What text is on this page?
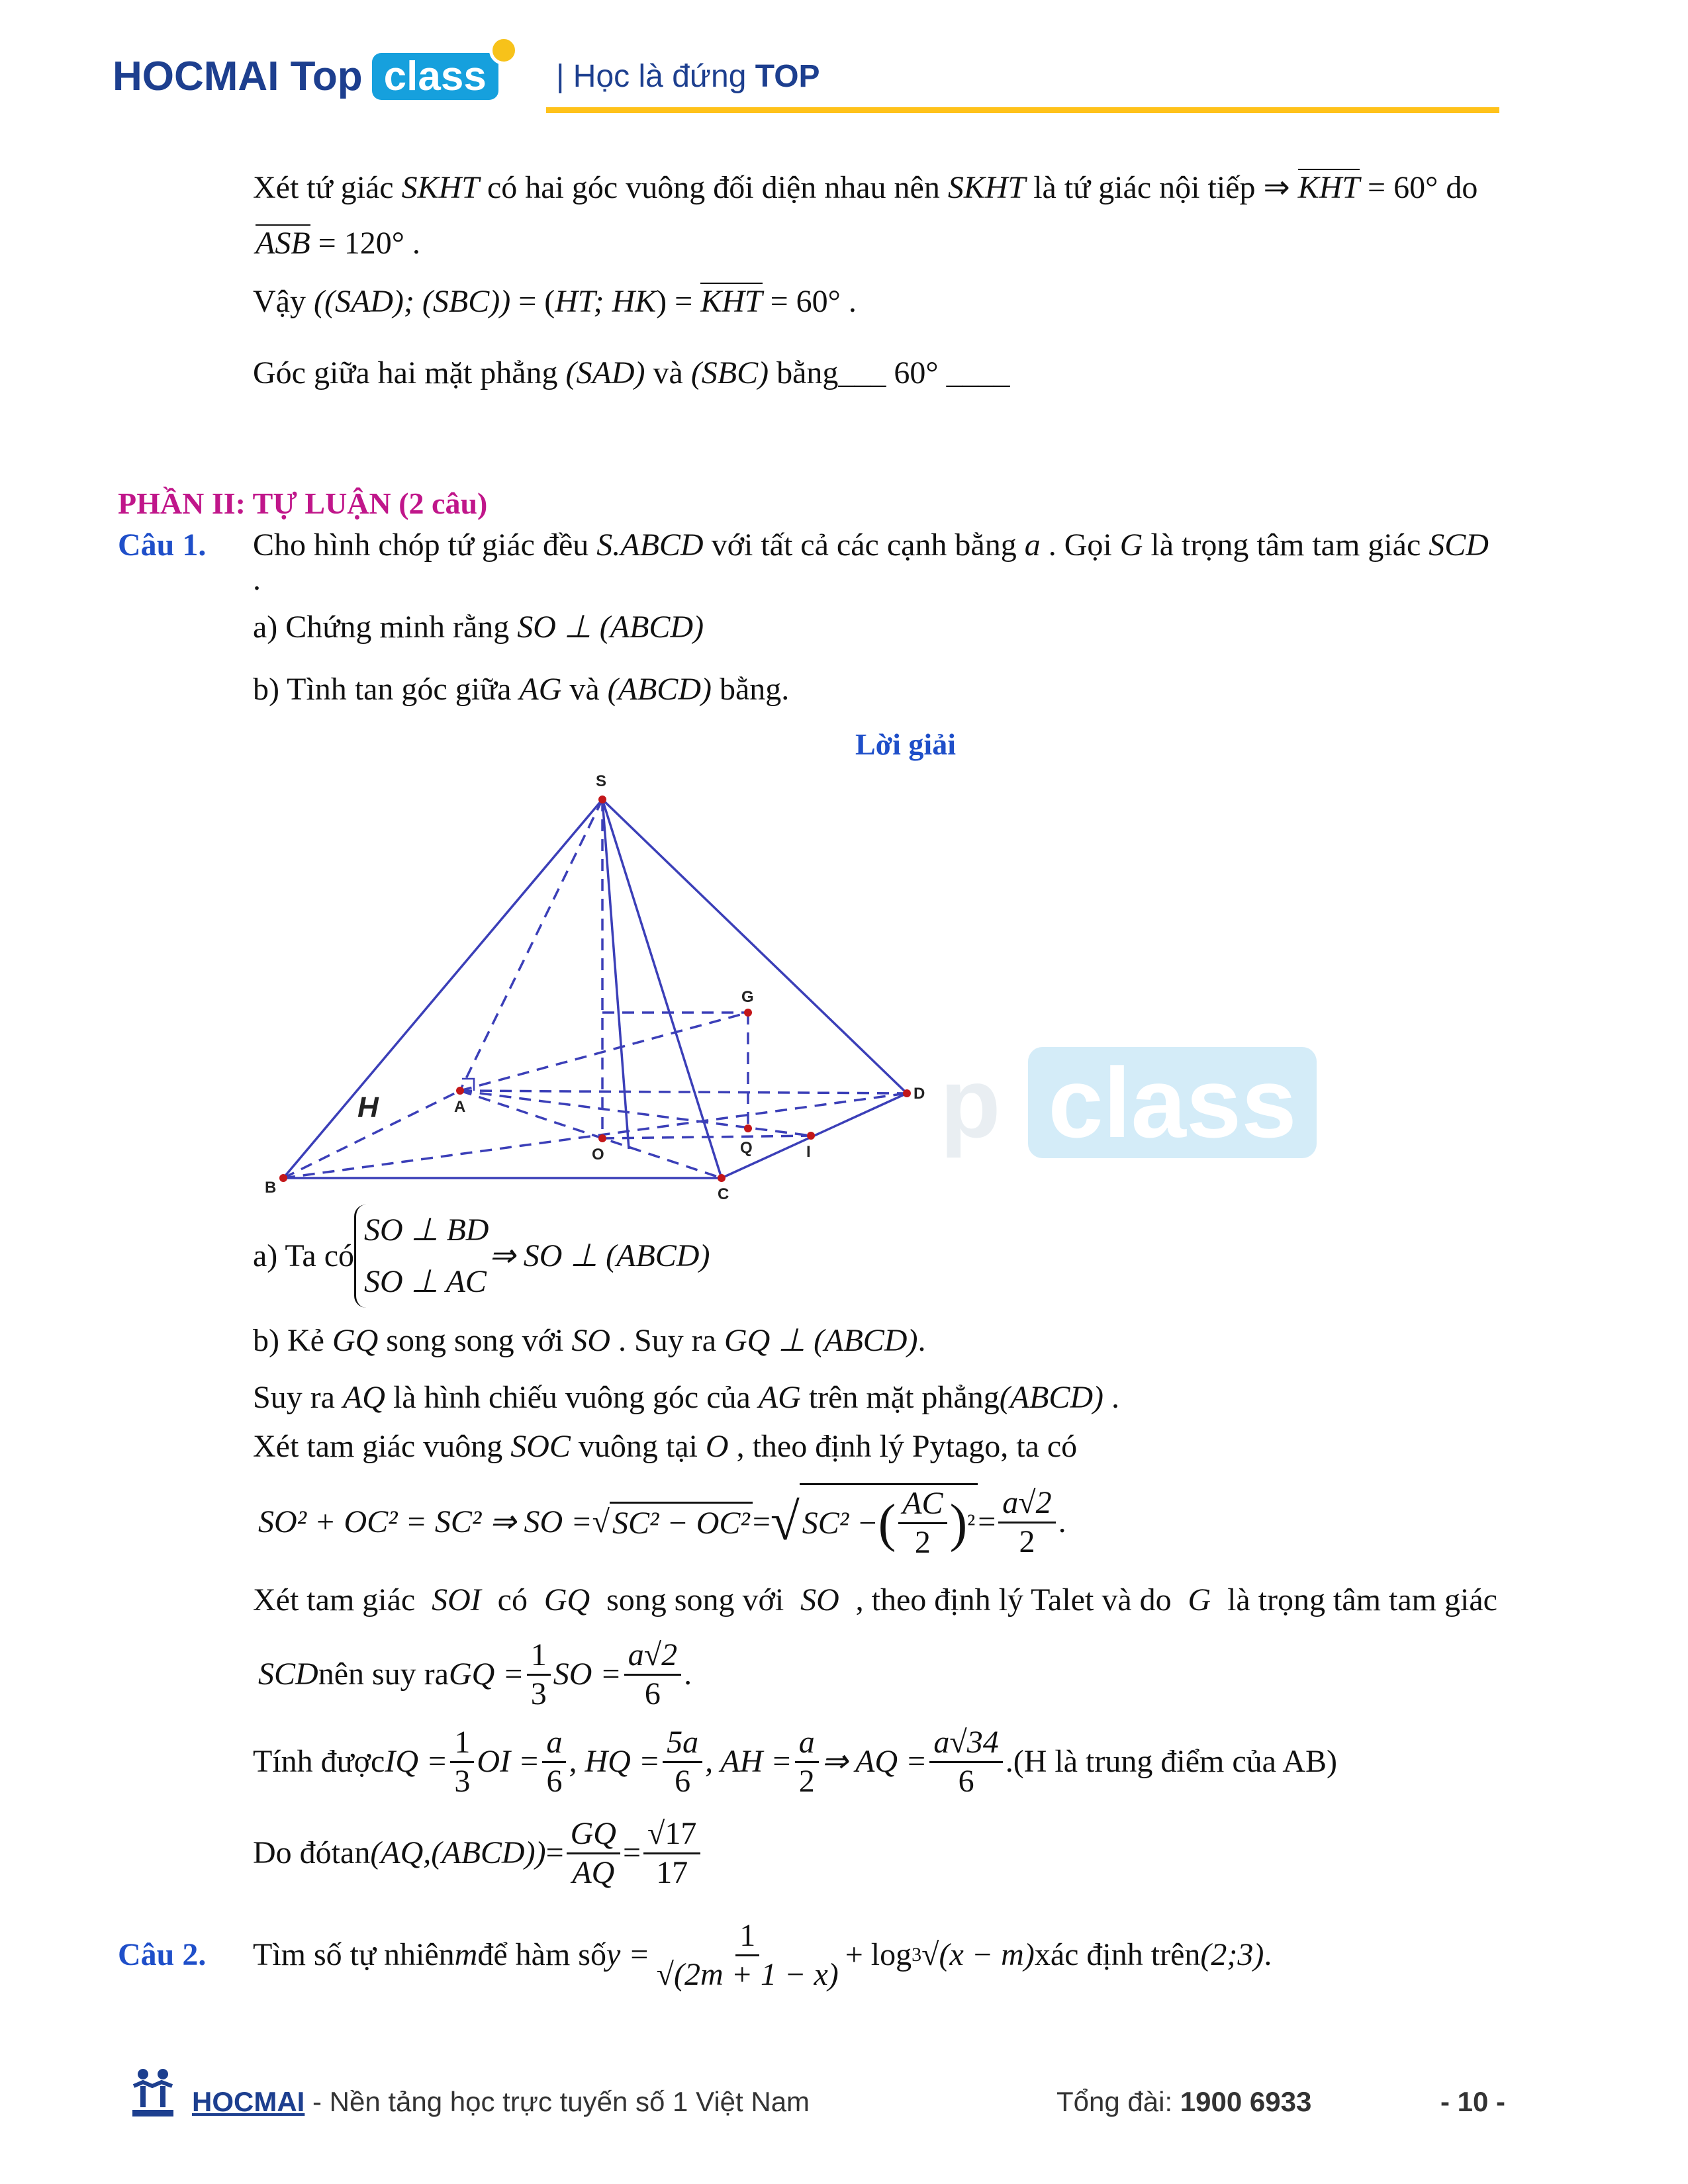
HOCMAI Top class	| Học là đứng TOP
Xét tứ giác SKHT có hai góc vuông đối diện nhau nên SKHT là tứ giác nội tiếp ⇒ KHT = 60° do
ASB = 120° .
Vậy ((SAD); (SBC)) = (HT; HK) = KHT = 60° .
Góc giữa hai mặt phẳng (SAD) và (SBC) bằng___ 60° ____
PHẦN II: TỰ LUẬN (2 câu)
Câu 1. Cho hình chóp tứ giác đều S.ABCD với tất cả các cạnh bằng a . Gọi G là trọng tâm tam giác SCD
.
a) Chứng minh rằng SO ⊥ (ABCD)
b) Tình tan góc giữa AG và (ABCD) bằng.
Lời giải
p class
S
A
B	C
D
O
G
Q	I
H
a) Ta có
SO ⊥ BD
SO ⊥ AC
⇒ SO ⊥ (ABCD)
b) Kẻ GQ song song với SO . Suy ra GQ ⊥ (ABCD).
Suy ra AQ là hình chiếu vuông góc của AG trên mặt phẳng(ABCD) .
Xét tam giác vuông SOC vuông tại O , theo định lý Pytago, ta có
SO² + OC² = SC² ⇒ SO = √ SC² − OC² = √ SC² − ( $\frac{AC}{2}$ ) $^2 = \frac{a√2}{2}$ .
Xét tam giác SOI có GQ song song với SO , theo định lý Talet và do G là trọng tâm tam giác
SCD nên suy ra GQ = $\frac{1}{3}$ SO = $\frac{a√2}{6}$ .
Tính được IQ = $\frac{1}{3}$ OI = $\frac{a}{6}$ , HQ = $\frac{5a}{6}$ , AH = $\frac{a}{2}$ ⇒ AQ = $\frac{a√34}{6} .(H$ là trung điểm của AB)
Do đó tan (AQ,(ABCD)) = $\frac{GQ}{AQ} = \frac{√17}{17}$
Câu 2.	Tìm số tự nhiên m để hàm số $y = \frac{1}{√(2m + 1 - x)} + \log 3$ √(x − m) xác định trên (2;3) .
HOCMAI - Nền tảng học trực tuyến số 1 Việt Nam	Tổng đài: 1900 6933	- 10 -
